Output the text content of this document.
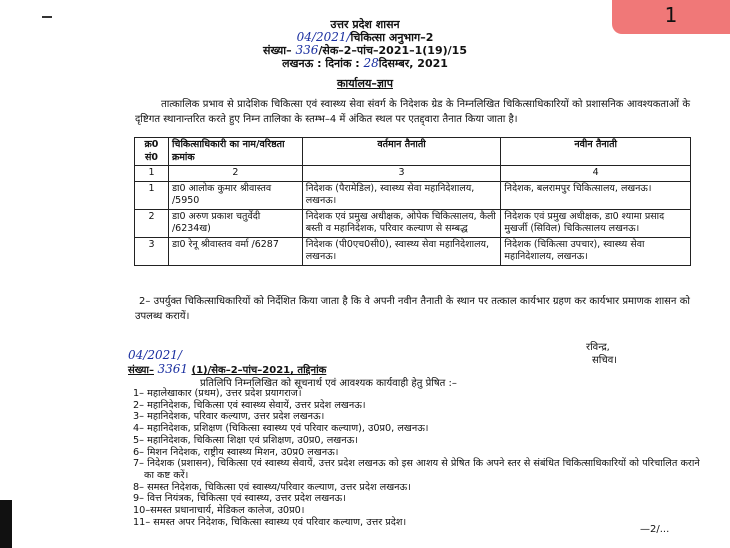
1
उत्तर प्रदेश शासन
04/2021/चिकित्सा अनुभाग–2
संख्या– 336/सेक–2–पांच–2021–1(19)/15
लखनऊ : दिनांक : 28दिसम्बर, 2021
कार्यालय–ज्ञाप
तात्कालिक प्रभाव से प्रादेशिक चिकित्सा एवं स्वास्थ्य सेवा संवर्ग के निदेशक ग्रेड के निम्नलिखित चिकित्साधिकारियों को प्रशासनिक आवश्यकताओं के दृष्टिगत स्थानान्तरित करते हुए निम्न तालिका के स्तम्भ–4 में अंकित स्थल पर एतद्द्वारा तैनात किया जाता है।
क्र0 सं0	चिकित्साधिकारी का नाम/वरिष्ठता क्रमांक	वर्तमान तैनाती	नवीन तैनाती
1	2	3	4
1	डा0 आलोक कुमार श्रीवास्तव /5950	निदेशक (पैरामेडिल), स्वास्थ्य सेवा महानिदेशालय, लखनऊ।	निदेशक, बलरामपुर चिकित्सालय, लखनऊ।
2	डा0 अरुण प्रकाश चतुर्वेदी /6234ख)	निदेशक एवं प्रमुख अधीक्षक, ओपेक चिकित्सालय, कैली बस्ती व महानिदेशक, परिवार कल्याण से सम्बद्ध	निदेशक एवं प्रमुख अधीक्षक, डा0 श्यामा प्रसाद मुखर्जी (सिविल) चिकित्सालय लखनऊ।
3	डा0 रेनू श्रीवास्तव वर्मा /6287	निदेशक (पी0एच0सी0), स्वास्थ्य सेवा महानिदेशालय, लखनऊ।	निदेशक (चिकित्सा उपचार), स्वास्थ्य सेवा महानिदेशालय, लखनऊ।
2– उपर्युक्त चिकित्साधिकारियों को निर्देशित किया जाता है कि वे अपनी नवीन तैनाती के स्थान पर तत्काल कार्यभार ग्रहण कर कार्यभार प्रमाणक शासन को उपलब्ध करायें।
रविन्द्र,
सचिव।
04/2021/
संख्या– 3361 (1)/सेक–2–पांच–2021, तद्दिनांक
प्रतिलिपि निम्नलिखित को सूचनार्थ एवं आवश्यक कार्यवाही हेतु प्रेषित :–
1– महालेखाकार (प्रथम), उत्तर प्रदेश प्रयागराज।
2– महानिदेशक, चिकित्सा एवं स्वास्थ्य सेवायें, उत्तर प्रदेश लखनऊ।
3– महानिदेशक, परिवार कल्याण, उत्तर प्रदेश लखनऊ।
4– महानिदेशक, प्रशिक्षण (चिकित्सा स्वास्थ्य एवं परिवार कल्याण), उ0प्र0, लखनऊ।
5– महानिदेशक, चिकित्सा शिक्षा एवं प्रशिक्षण, उ0प्र0, लखनऊ।
6– मिशन निदेशक, राष्ट्रीय स्वास्थ्य मिशन, उ0प्र0 लखनऊ।
7– निदेशक (प्रशासन), चिकित्सा एवं स्वास्थ्य सेवायें, उत्तर प्रदेश लखनऊ को इस आशय से प्रेषित कि अपने स्तर से संबंधित चिकित्साधिकारियों को परिचालित कराने का कष्ट करें।
8– समस्त निदेशक, चिकित्सा एवं स्वास्थ्य/परिवार कल्याण, उत्तर प्रदेश लखनऊ।
9– वित्त नियंत्रक, चिकित्सा एवं स्वास्थ्य, उत्तर प्रदेश लखनऊ।
10–समस्त प्रधानाचार्य, मेडिकल कालेज, उ0प्र0।
11– समस्त अपर निदेशक, चिकित्सा स्वास्थ्य एवं परिवार कल्याण, उत्तर प्रदेश।
—2/...
